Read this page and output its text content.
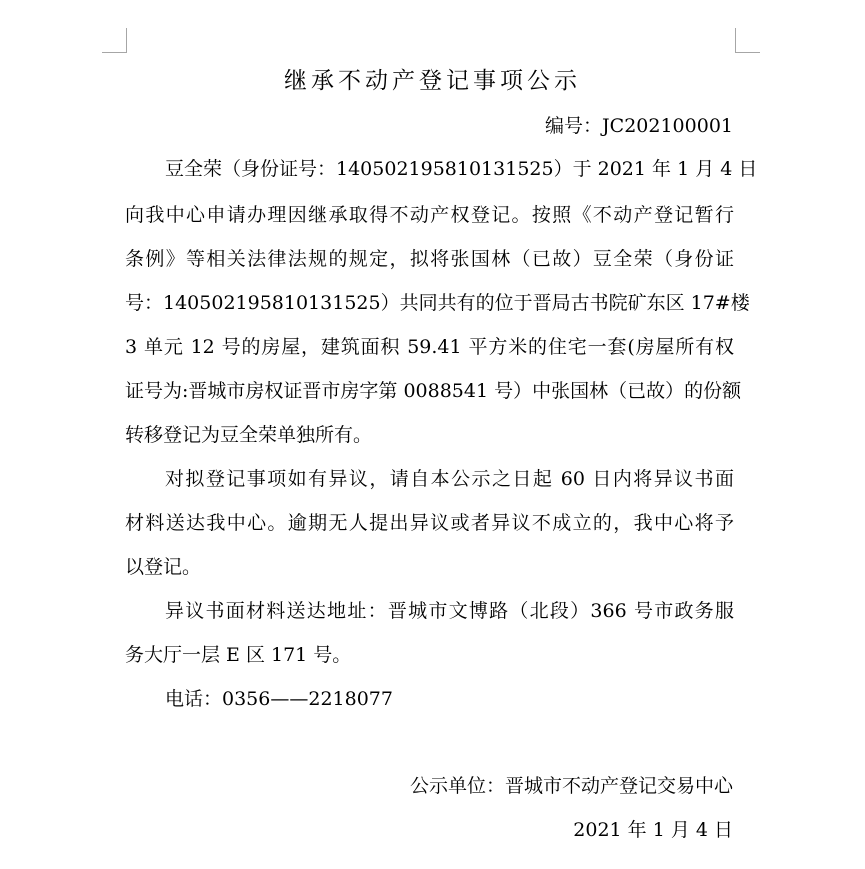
继承不动产登记事项公示
编号：JC202100001
豆全荣（身份证号：140502195810131525）于 2021 年 1 月 4 日
向我中心申请办理因继承取得不动产权登记。按照《不动产登记暂行
条例》等相关法律法规的规定，拟将张国林（已故）豆全荣（身份证
号：140502195810131525）共同共有的位于晋局古书院矿东区 17#楼
3 单元 12 号的房屋，建筑面积 59.41 平方米的住宅一套(房屋所有权
证号为:晋城市房权证晋市房字第 0088541 号）中张国林（已故）的份额
转移登记为豆全荣单独所有。
对拟登记事项如有异议，请自本公示之日起 60 日内将异议书面
材料送达我中心。逾期无人提出异议或者异议不成立的，我中心将予
以登记。
异议书面材料送达地址：晋城市文博路（北段）366 号市政务服
务大厅一层 E 区 171 号。
电话：0356——2218077
公示单位：晋城市不动产登记交易中心
2021 年 1 月 4 日
